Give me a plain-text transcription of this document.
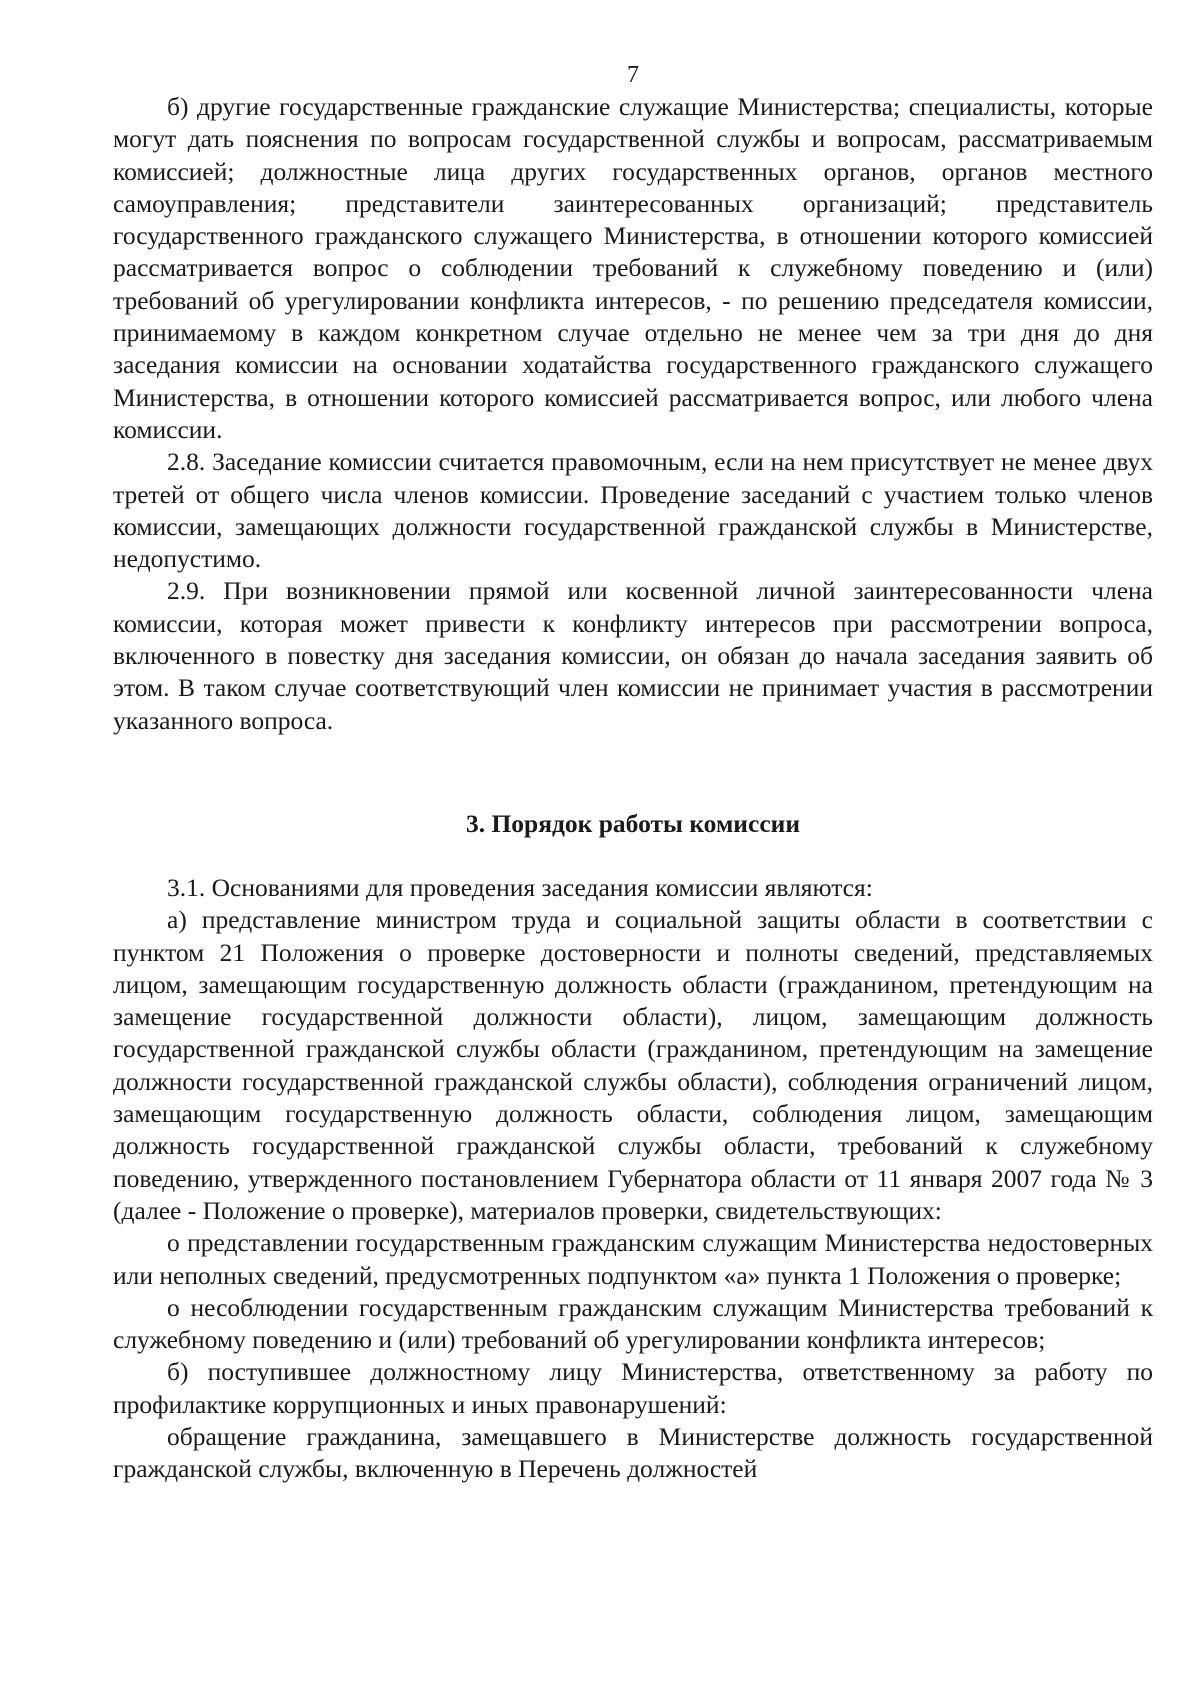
7

б) другие государственные гражданские служащие Министерства; специалисты, которые могут дать пояснения по вопросам государственной службы и вопросам, рассматриваемым комиссией; должностные лица других государственных органов, органов местного самоуправления; представители заинтересованных организаций; представитель государственного гражданского служащего Министерства, в отношении которого комиссией рассматривается вопрос о соблюдении требований к служебному поведению и (или) требований об урегулировании конфликта интересов, - по решению председателя комиссии, принимаемому в каждом конкретном случае отдельно не менее чем за три дня до дня заседания комиссии на основании ходатайства государственного гражданского служащего Министерства, в отношении которого комиссией рассматривается вопрос, или любого члена комиссии.

2.8. Заседание комиссии считается правомочным, если на нем присутствует не менее двух третей от общего числа членов комиссии. Проведение заседаний с участием только членов комиссии, замещающих должности государственной гражданской службы в Министерстве, недопустимо.

2.9. При возникновении прямой или косвенной личной заинтересованности члена комиссии, которая может привести к конфликту интересов при рассмотрении вопроса, включенного в повестку дня заседания комиссии, он обязан до начала заседания заявить об этом. В таком случае соответствующий член комиссии не принимает участия в рассмотрении указанного вопроса.

3. Порядок работы комиссии

3.1. Основаниями для проведения заседания комиссии являются:

а) представление министром труда и социальной защиты области в соответствии с пунктом 21 Положения о проверке достоверности и полноты сведений, представляемых лицом, замещающим государственную должность области (гражданином, претендующим на замещение государственной должности области), лицом, замещающим должность государственной гражданской службы области (гражданином, претендующим на замещение должности государственной гражданской службы области), соблюдения ограничений лицом, замещающим государственную должность области, соблюдения лицом, замещающим должность государственной гражданской службы области, требований к служебному поведению, утвержденного постановлением Губернатора области от 11 января 2007 года № 3 (далее - Положение о проверке), материалов проверки, свидетельствующих:

о представлении государственным гражданским служащим Министерства недостоверных или неполных сведений, предусмотренных подпунктом «а» пункта 1 Положения о проверке;

о несоблюдении государственным гражданским служащим Министерства требований к служебному поведению и (или) требований об урегулировании конфликта интересов;

б) поступившее должностному лицу Министерства, ответственному за работу по профилактике коррупционных и иных правонарушений:

обращение гражданина, замещавшего в Министерстве должность государственной гражданской службы, включенную в Перечень должностей
